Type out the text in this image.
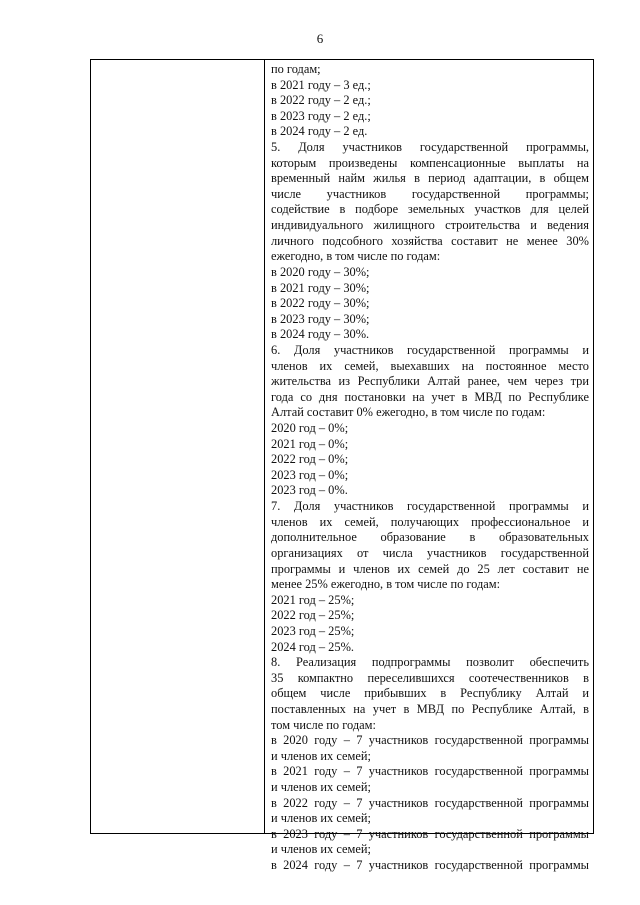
6
по годам;
в 2021 году – 3 ед.;
в 2022 году – 2 ед.;
в 2023 году – 2 ед.;
в 2024 году – 2 ед.
5. Доля участников государственной программы,
которым произведены компенсационные выплаты на
временный найм жилья в период адаптации, в общем
числе участников государственной программы;
содействие в подборе земельных участков для целей
индивидуального жилищного строительства и ведения
личного подсобного хозяйства составит не менее 30%
ежегодно, в том числе по годам:
в 2020 году – 30%;
в 2021 году – 30%;
в 2022 году – 30%;
в 2023 году – 30%;
в 2024 году – 30%.
6. Доля участников государственной программы и
членов их семей, выехавших на постоянное место
жительства из Республики Алтай ранее, чем через три
года со дня постановки на учет в МВД по Республике
Алтай составит 0% ежегодно, в том числе по годам:
2020 год – 0%;
2021 год – 0%;
2022 год – 0%;
2023 год – 0%;
2023 год – 0%.
7. Доля участников государственной программы и
членов их семей, получающих профессиональное и
дополнительное образование в образовательных
организациях от числа участников государственной
программы и членов их семей до 25 лет составит не
менее 25% ежегодно, в том числе по годам:
2021 год – 25%;
2022 год – 25%;
2023 год – 25%;
2024 год – 25%.
8. Реализация подпрограммы позволит обеспечить
35 компактно переселившихся соотечественников в
общем числе прибывших в Республику Алтай и
поставленных на учет в МВД по Республике Алтай, в
том числе по годам:
в 2020 году – 7 участников государственной программы
и членов их семей;
в 2021 году – 7 участников государственной программы
и членов их семей;
в 2022 году – 7 участников государственной программы
и членов их семей;
в 2023 году – 7 участников государственной программы
и членов их семей;
в 2024 году – 7 участников государственной программы
